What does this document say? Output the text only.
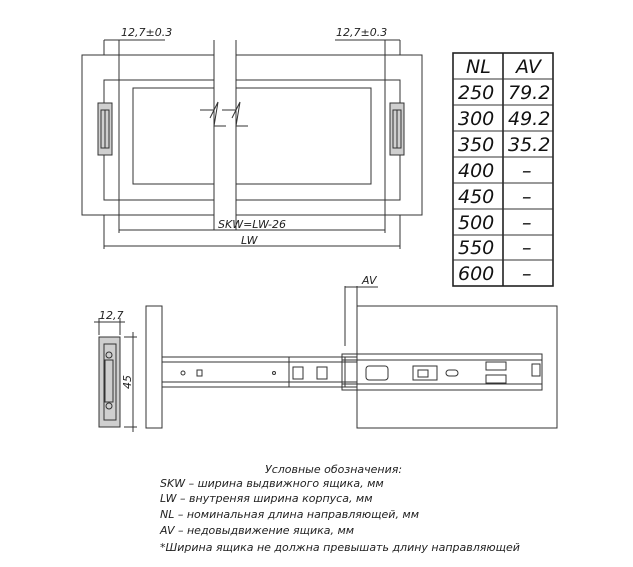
12,7±0.3	12,7±0.3
SKW=LW-26
LW
NL AV
250 79.2
300 49.2
350 35.2
400 –
450 –
500 –
550 –
600 –
AV
12,7
45
Условные обозначения:
SKW – ширина выдвижного ящика, мм
LW – внутреняя ширина корпуса, мм
NL – номинальная длина направляющей, мм
AV – недовыдвижение ящика, мм
*Ширина ящика не должна превышать длину направляющей
